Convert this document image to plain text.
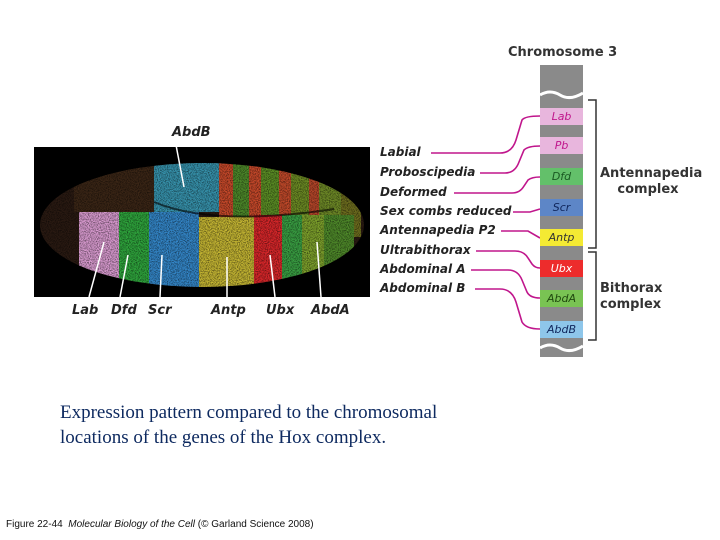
AbdB
Lab Dfd Scr	Antp Ubx AbdA
Labial
Proboscipedia
Deformed
Sex combs reduced
Antennapedia P2
Ultrabithorax
Abdominal A
Abdominal B
Chromosome 3
Lab
Pb
Dfd
Scr
Antp
Ubx
AbdA
AbdB
Antennapedia
complex
Bithorax
complex
Expression pattern compared to the chromosomal
locations of the genes of the Hox complex.
Figure 22-44 Molecular Biology of the Cell (© Garland Science 2008)
